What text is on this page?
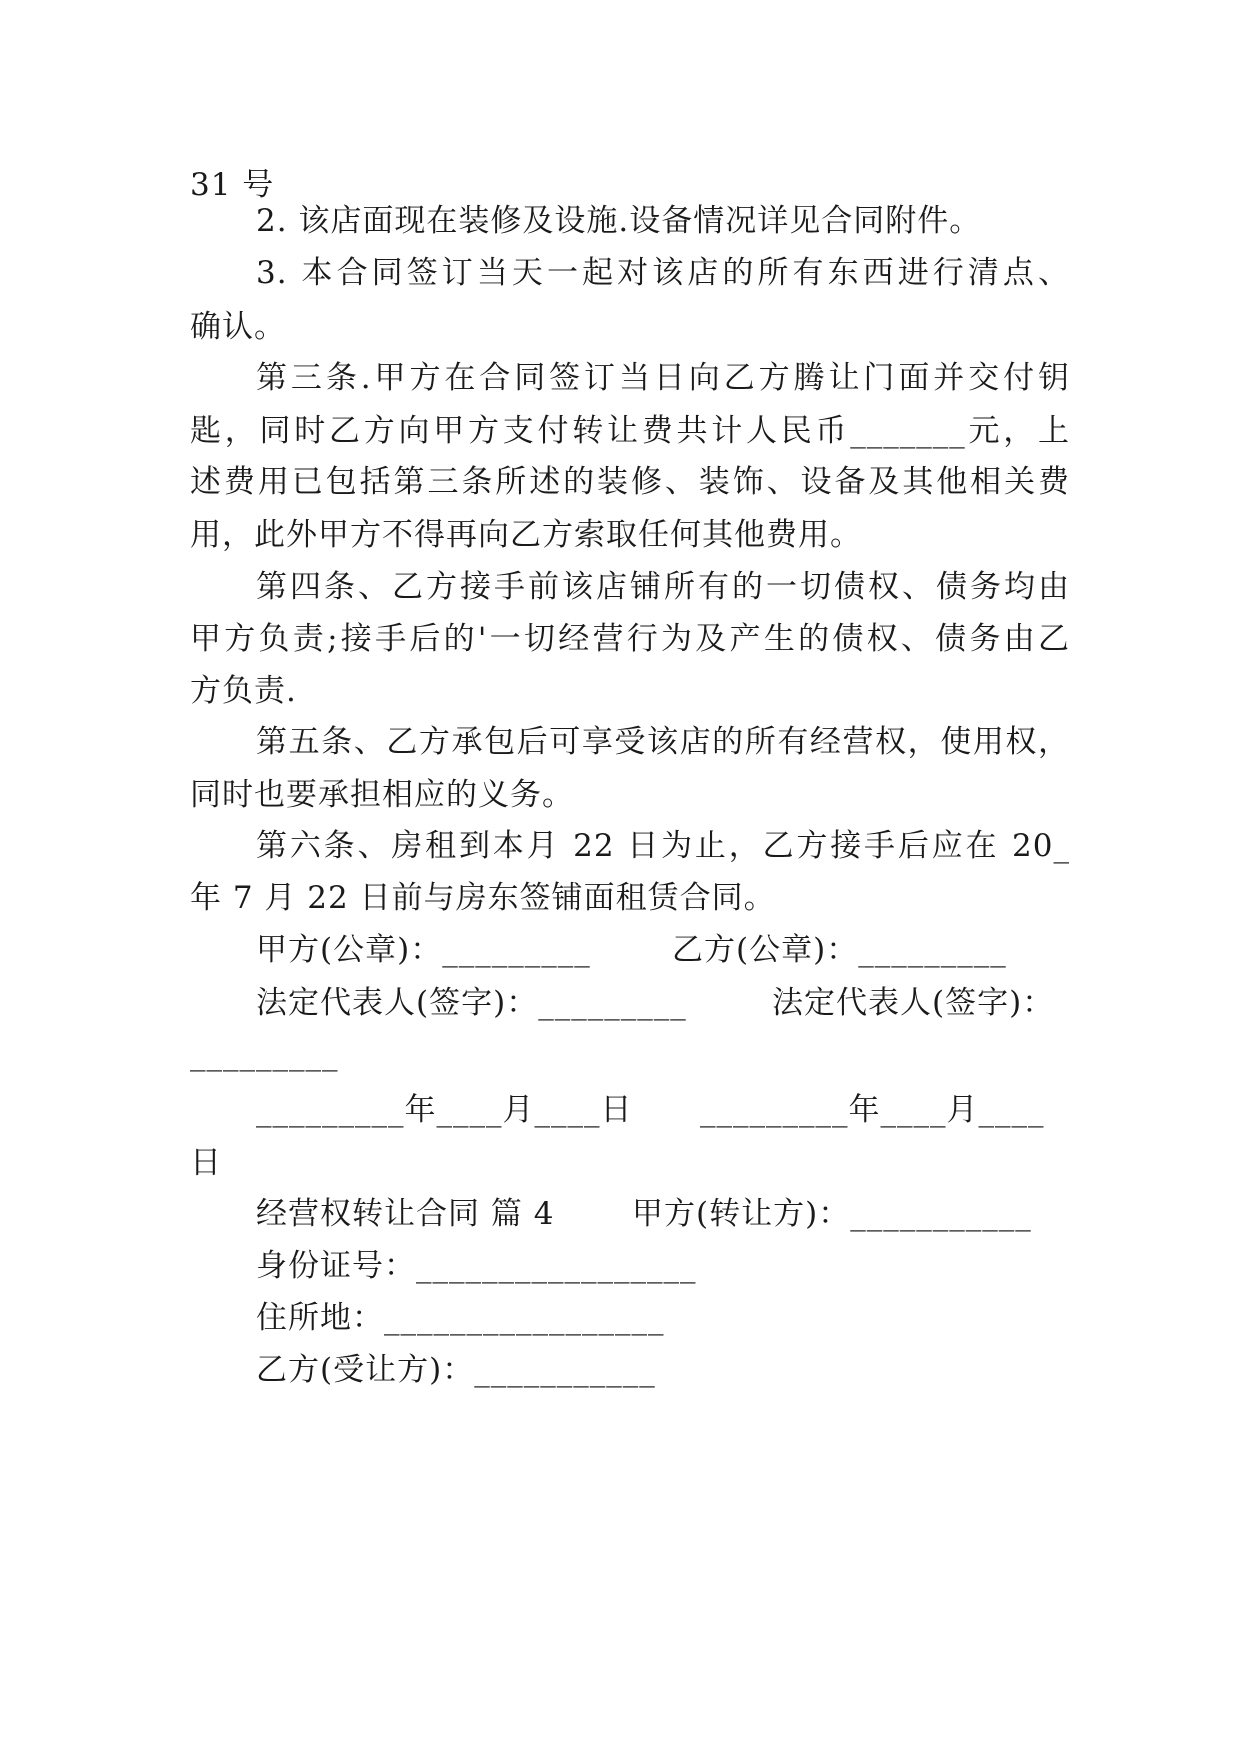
31 号
2. 该店面现在装修及设施.设备情况详见合同附件。
3. 本合同签订当天一起对该店的所有东西进行清点、
确认。
第三条.甲方在合同签订当日向乙方腾让门面并交付钥
匙，同时乙方向甲方支付转让费共计人民币_______元，上
述费用已包括第三条所述的装修、装饰、设备及其他相关费
用，此外甲方不得再向乙方索取任何其他费用。
第四条、乙方接手前该店铺所有的一切债权、债务均由
甲方负责;接手后的'一切经营行为及产生的债权、债务由乙
方负责.
第五条、乙方承包后可享受该店的所有经营权，使用权，
同时也要承担相应的义务。
第六条、房租到本月 22 日为止，乙方接手后应在 20_
年 7 月 22 日前与房东签铺面租赁合同。
甲方(公章)：_________	乙方(公章)：_________
法定代表人(签字)：_________	法定代表人(签字)：
_________
_________年____月____日 _________年____月____
日
经营权转让合同 篇 4	甲方(转让方)：___________
身份证号：_________________
住所地：_________________
乙方(受让方)：___________
